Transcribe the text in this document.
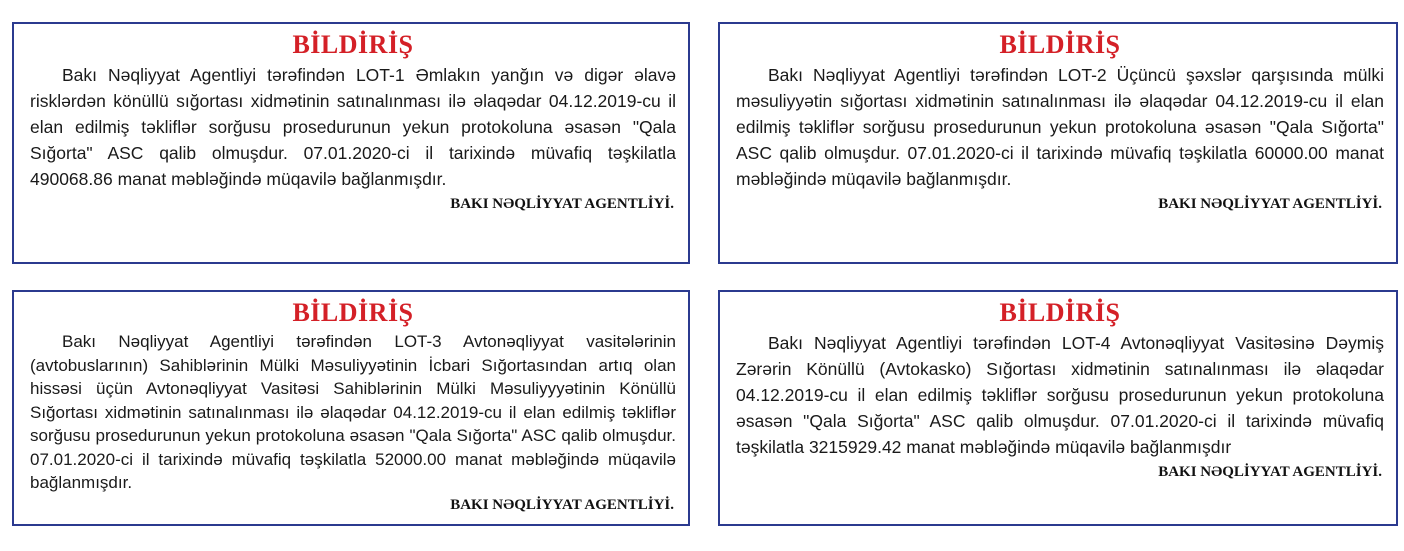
BİLDİRİŞ

Bakı Nəqliyyat Agentliyi tərəfindən LOT-1 Əmlakın yanğın və digər əlavə risklərdən könüllü sığortası xidmətinin satınalınması ilə əlaqədar 04.12.2019-cu il elan edilmiş təkliflər sorğusu prosedurunun yekun protokoluna əsasən "Qala Sığorta" ASC qalib olmuşdur. 07.01.2020-ci il tarixində müvafiq təşkilatla 490068.86 manat məbləğində müqavilə bağlanmışdır.

BAKI NƏQLİYYAT AGENTLİYİ.
BİLDİRİŞ

Bakı Nəqliyyat Agentliyi tərəfindən LOT-2 Üçüncü şəxslər qarşısında mülki məsuliyyətin sığortası xidmətinin satınalınması ilə əlaqədar 04.12.2019-cu il elan edilmiş təkliflər sorğusu prosedurunun yekun protokoluna əsasən "Qala Sığorta" ASC qalib olmuşdur. 07.01.2020-ci il tarixində müvafiq təşkilatla 60000.00 manat məbləğində müqavilə bağlanmışdır.

BAKI NƏQLİYYAT AGENTLİYİ.
BİLDİRİŞ

Bakı Nəqliyyat Agentliyi tərəfindən LOT-3 Avtonəqliyyat vasitələrinin (avtobuslarının) Sahiblərinin Mülki Məsuliyyətinin İcbari Sığortasından artıq olan hissəsi üçün Avtonəqliyyat Vasitəsi Sahiblərinin Mülki Məsuliyyyətinin Könüllü Sığortası xidmətinin satınalınması ilə əlaqədar 04.12.2019-cu il elan edilmiş təkliflər sorğusu prosedurunun yekun protokoluna əsasən "Qala Sığorta" ASC qalib olmuşdur. 07.01.2020-ci il tarixində müvafiq təşkilatla 52000.00 manat məbləğində müqavilə bağlanmışdır.

BAKI NƏQLİYYAT AGENTLİYİ.
BİLDİRİŞ

Bakı Nəqliyyat Agentliyi tərəfindən LOT-4 Avtonəqliyyat Vasitəsinə Dəymiş Zərərin Könüllü (Avtokasko) Sığortası xidmətinin satınalınması ilə əlaqədar 04.12.2019-cu il elan edilmiş təkliflər sorğusu prosedurunun yekun protokoluna əsasən "Qala Sığorta" ASC qalib olmuşdur. 07.01.2020-ci il tarixində müvafiq təşkilatla 3215929.42 manat məbləğində müqavilə bağlanmışdır

BAKI NƏQLİYYAT AGENTLİYİ.
